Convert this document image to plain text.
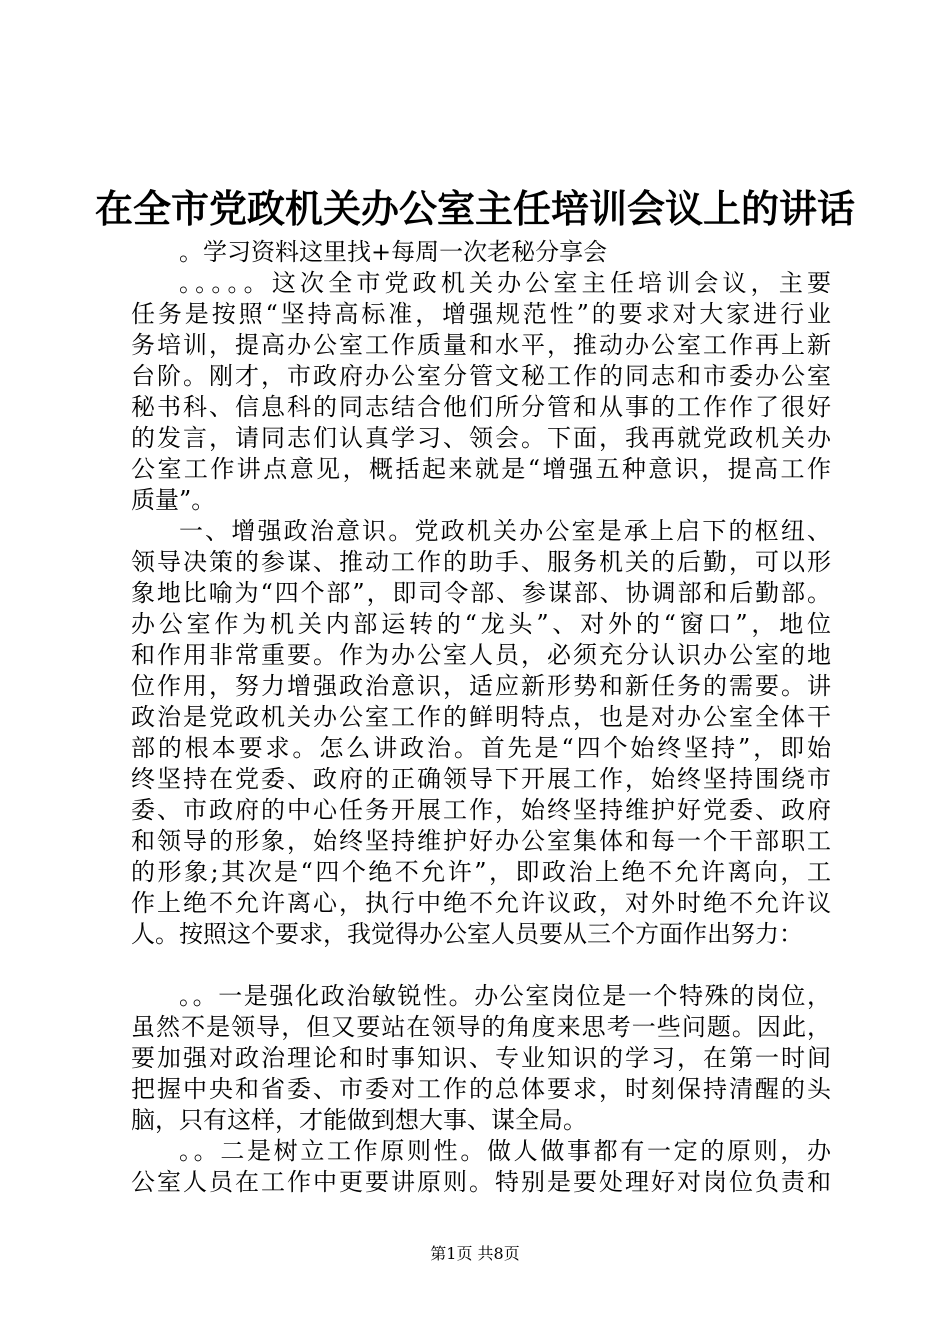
在全市党政机关办公室主任培训会议上的讲话
。学习资料这里找+每周一次老秘分享会
。。。。。这次全市党政机关办公室主任培训会议，主要
任务是按照“坚持高标准，增强规范性”的要求对大家进行业
务培训，提高办公室工作质量和水平，推动办公室工作再上新
台阶。刚才，市政府办公室分管文秘工作的同志和市委办公室
秘书科、信息科的同志结合他们所分管和从事的工作作了很好
的发言，请同志们认真学习、领会。下面，我再就党政机关办
公室工作讲点意见，概括起来就是“增强五种意识，提高工作
质量”。
一、增强政治意识。党政机关办公室是承上启下的枢纽、
领导决策的参谋、推动工作的助手、服务机关的后勤，可以形
象地比喻为“四个部”，即司令部、参谋部、协调部和后勤部。
办公室作为机关内部运转的“龙头”、对外的“窗口”，地位
和作用非常重要。作为办公室人员，必须充分认识办公室的地
位作用，努力增强政治意识，适应新形势和新任务的需要。讲
政治是党政机关办公室工作的鲜明特点，也是对办公室全体干
部的根本要求。怎么讲政治。首先是“四个始终坚持”，即始
终坚持在党委、政府的正确领导下开展工作，始终坚持围绕市
委、市政府的中心任务开展工作，始终坚持维护好党委、政府
和领导的形象，始终坚持维护好办公室集体和每一个干部职工
的形象;其次是“四个绝不允许”，即政治上绝不允许离向，工
作上绝不允许离心，执行中绝不允许议政，对外时绝不允许议
人。按照这个要求，我觉得办公室人员要从三个方面作出努力：
。。一是强化政治敏锐性。办公室岗位是一个特殊的岗位，
虽然不是领导，但又要站在领导的角度来思考一些问题。因此，
要加强对政治理论和时事知识、专业知识的学习，在第一时间
把握中央和省委、市委对工作的总体要求，时刻保持清醒的头
脑，只有这样，才能做到想大事、谋全局。
。。二是树立工作原则性。做人做事都有一定的原则，办
公室人员在工作中更要讲原则。特别是要处理好对岗位负责和
第1页 共8页
